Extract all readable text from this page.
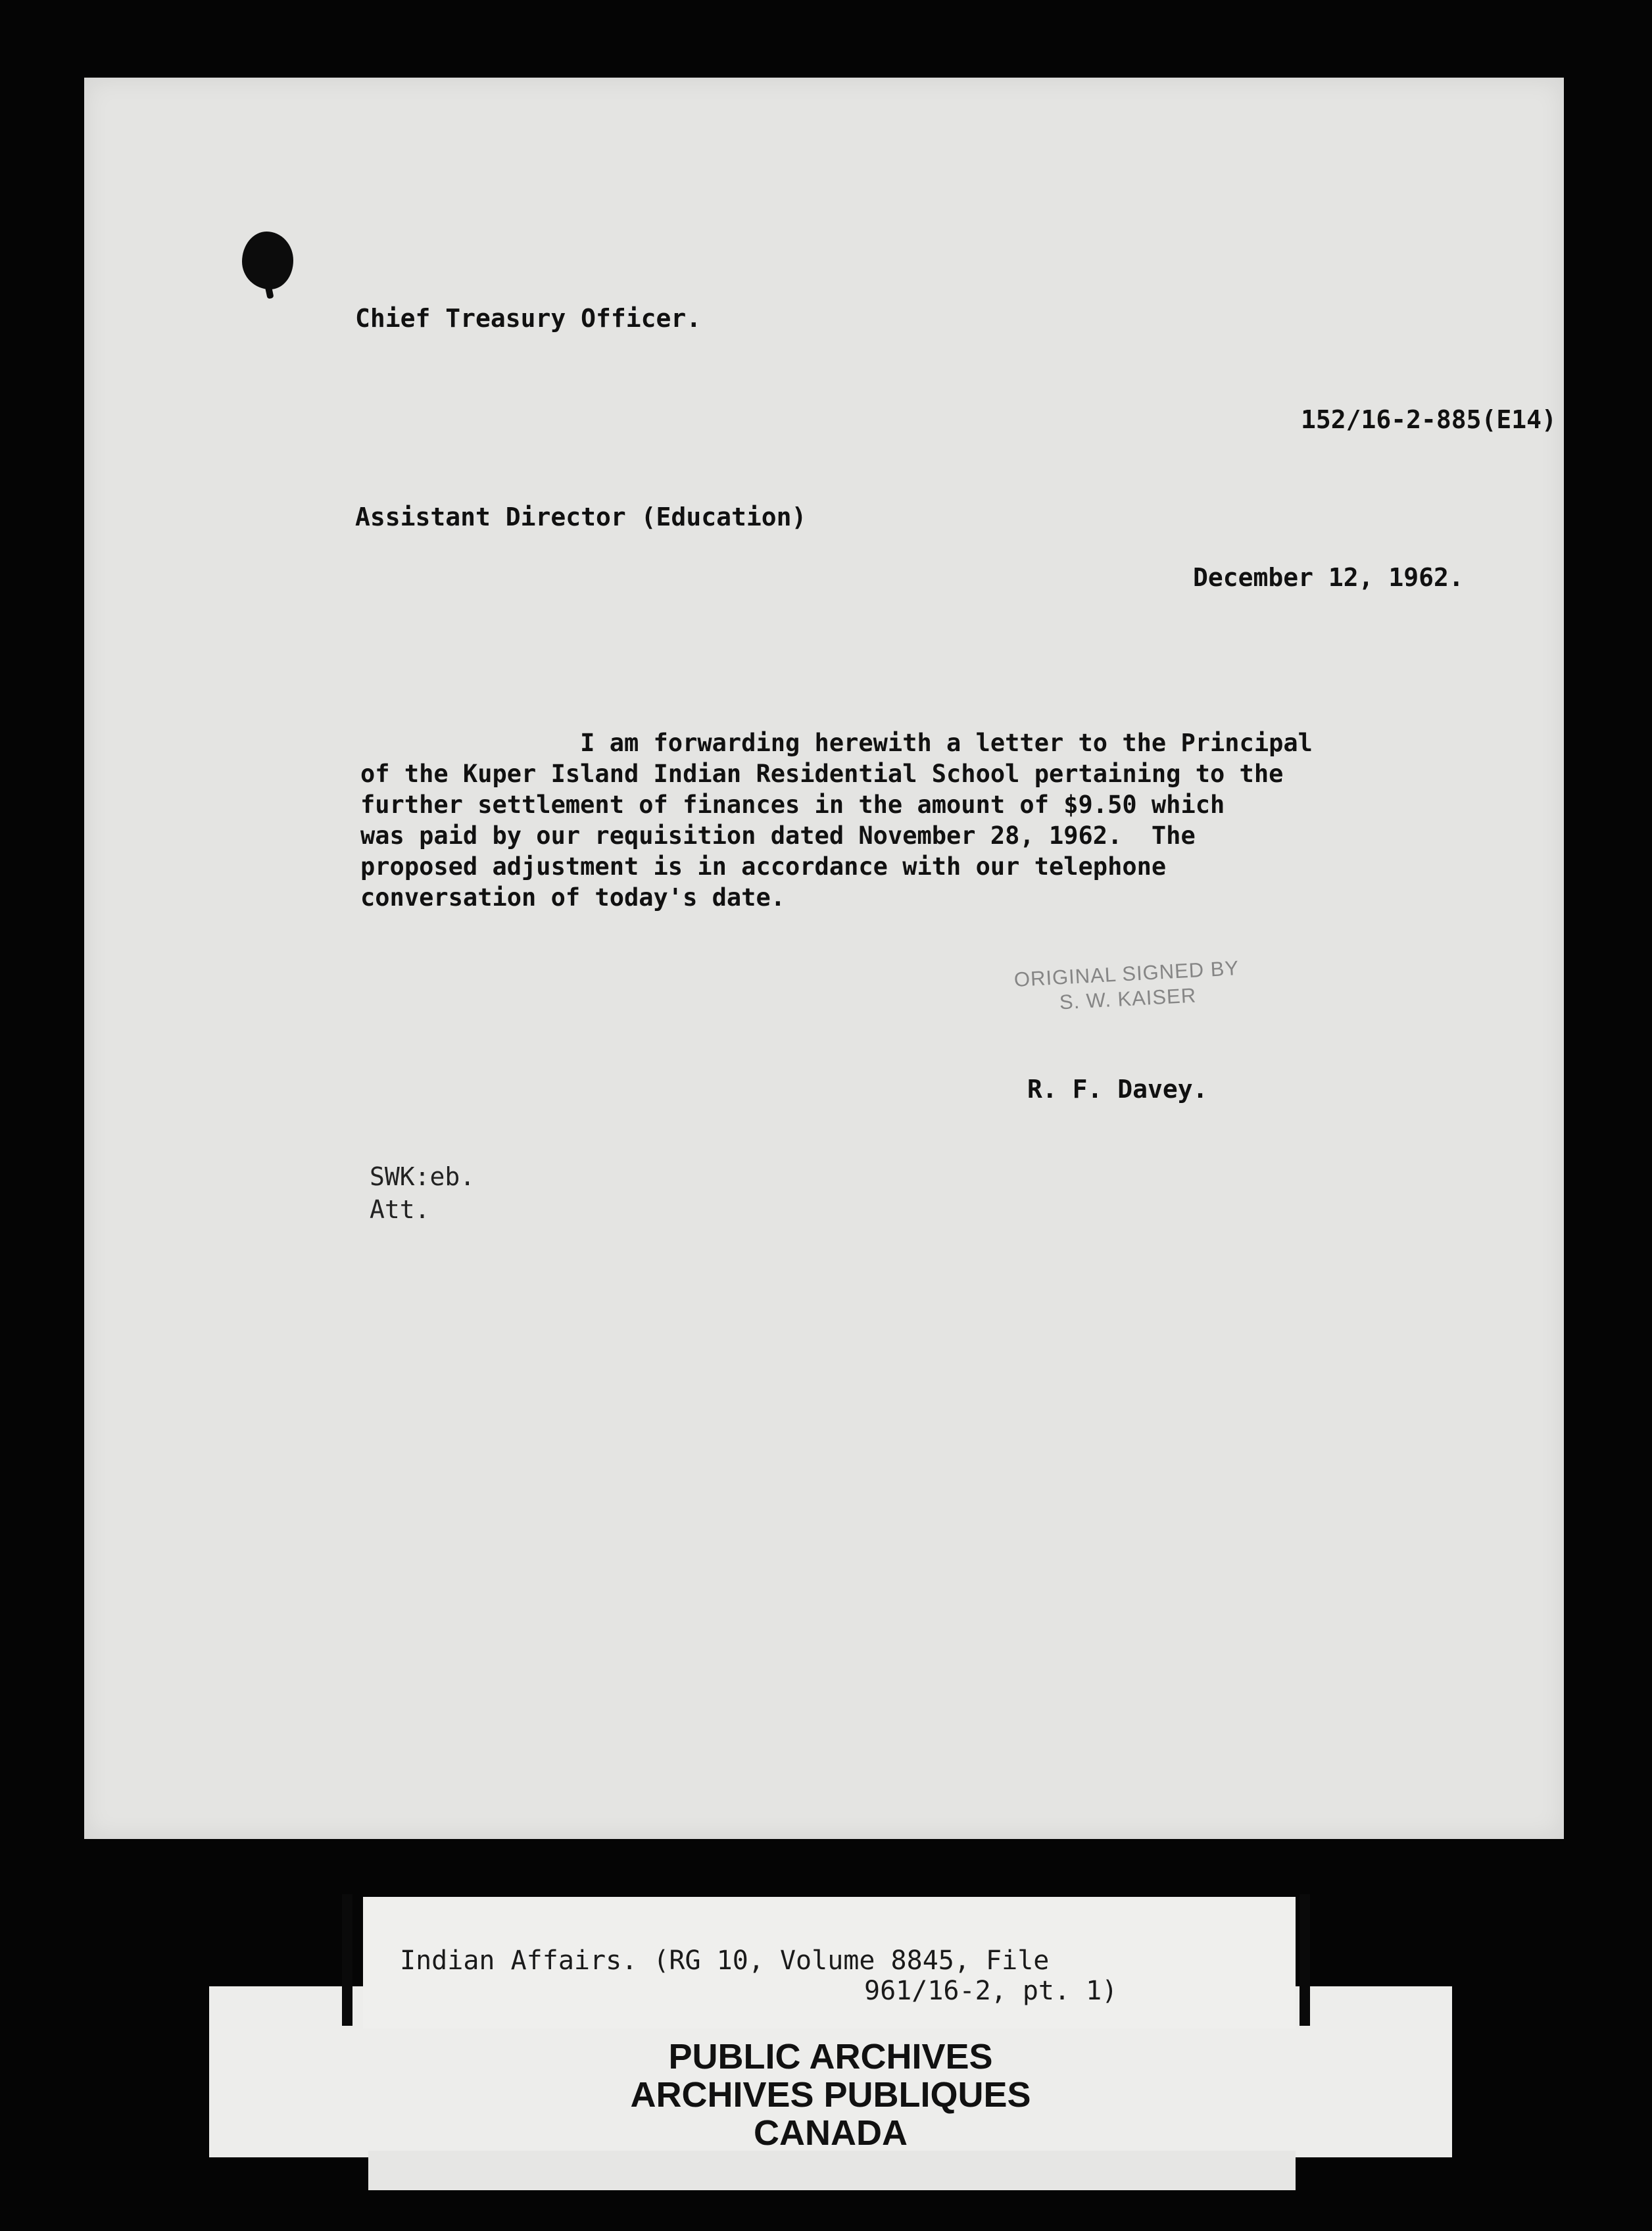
Chief Treasury Officer.
152/16-2-885(E14)
Assistant Director (Education)
December 12, 1962.
I am forwarding herewith a letter to the Principal
of the Kuper Island Indian Residential School pertaining to the
further settlement of finances in the amount of $9.50 which
was paid by our requisition dated November 28, 1962.  The
proposed adjustment is in accordance with our telephone
conversation of today's date.
ORIGINAL SIGNED BY
S. W. KAISER
R. F. Davey.
SWK:eb.
Att.
Indian Affairs. (RG 10, Volume 8845, File
961/16-2, pt. 1)
PUBLIC ARCHIVES
ARCHIVES PUBLIQUES
CANADA
